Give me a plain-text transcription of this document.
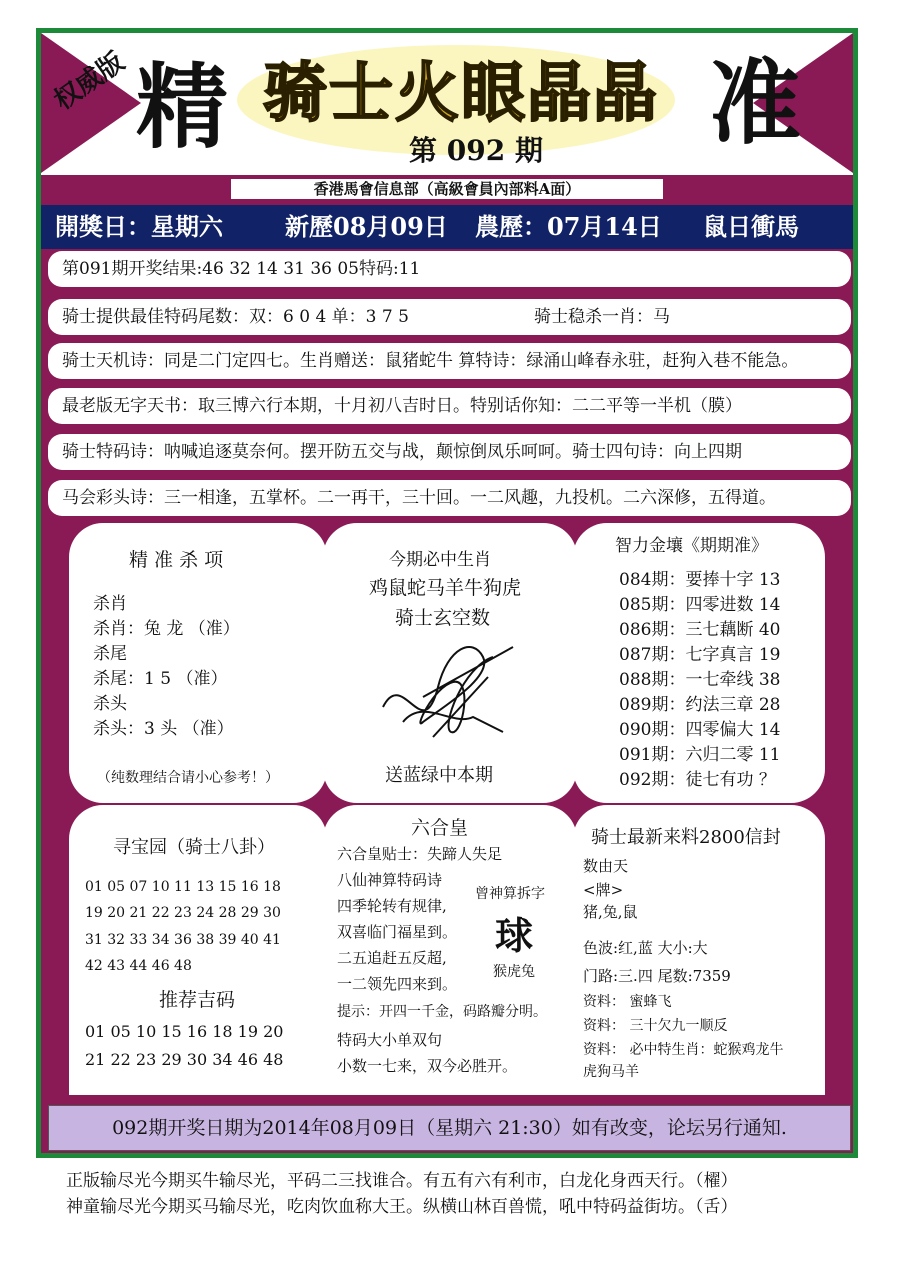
权威版 精 骑士火眼晶晶
第 092 期 准
香港馬會信息部（高級會員內部料A面）
開獎日：星期六	新歷08月09日 農歷：07月14日 鼠日衝馬
第091期开奖结果:46 32 14 31 36 05特码:11
骑士提供最佳特码尾数：双：6 0 4 单：3 7 5	骑士稳杀一肖：马
骑士天机诗：同是二门定四七。生肖赠送：鼠猪蛇牛 算特诗：绿涌山峰春永驻，赶狗入巷不能急。
最老版无字天书：取三博六行本期，十月初八吉时日。特别话你知：二二平等一半机（膜）
骑士特码诗：呐喊追逐莫奈何。摆开防五交与战，颠惊倒凤乐呵呵。骑士四句诗：向上四期
马会彩头诗：三一相逢，五掌杯。二一再干，三十回。一二风趣，九投机。二六深修，五得道。
精 准 杀 项
杀肖
杀肖：兔 龙 （准）
杀尾
杀尾：1 5 （准）
杀头
杀头：3 头 （准）
（纯数理结合请小心参考！）
今期必中生肖
鸡鼠蛇马羊牛狗虎
骑士玄空数
送蓝绿中本期
智力金壤《期期准》
084期：要捧十字 13
085期：四零进数 14
086期：三七藕断 40
087期：七字真言 19
088期：一七牵线 38
089期：约法三章 28
090期：四零偏大 14
091期：六归二零 11
092期：徒七有功 ？
寻宝园（骑士八卦）
01 05 07 10 11 13 15 16 18
19 20 21 22 23 24 28 29 30
31 32 33 34 36 38 39 40 41
42 43 44 46 48
推荐吉码
01 05 10 15 16 18 19 20
21 22 23 29 30 34 46 48
六合皇
六合皇贴士：失蹄人失足
八仙神算特码诗
四季轮转有规律,
双喜临门福星到。
二五追赶五反超,
一二领先四来到。
提示：开四一千金，码路瓣分明。
特码大小单双句
小数一七来，双今必胜开。
曾神算拆字
球
猴虎兔
骑士最新来料2800信封
数由天
<牌>
猪,兔,鼠
色波:红,蓝 大小:大
门路:三.四 尾数:7359
资料： 蜜蜂飞
资料： 三十欠九一顺反
资料： 必中特生肖：蛇猴鸡龙牛
虎狗马羊
092期开奖日期为2014年08月09日（星期六 21:30）如有改变，论坛另行通知.
正版输尽光今期买牛输尽光，平码二三找谁合。有五有六有利市，白龙化身西天行。（櫂）
神童输尽光今期买马输尽光，吃肉饮血称大王。纵横山林百兽慌，吼中特码益街坊。（舌）
